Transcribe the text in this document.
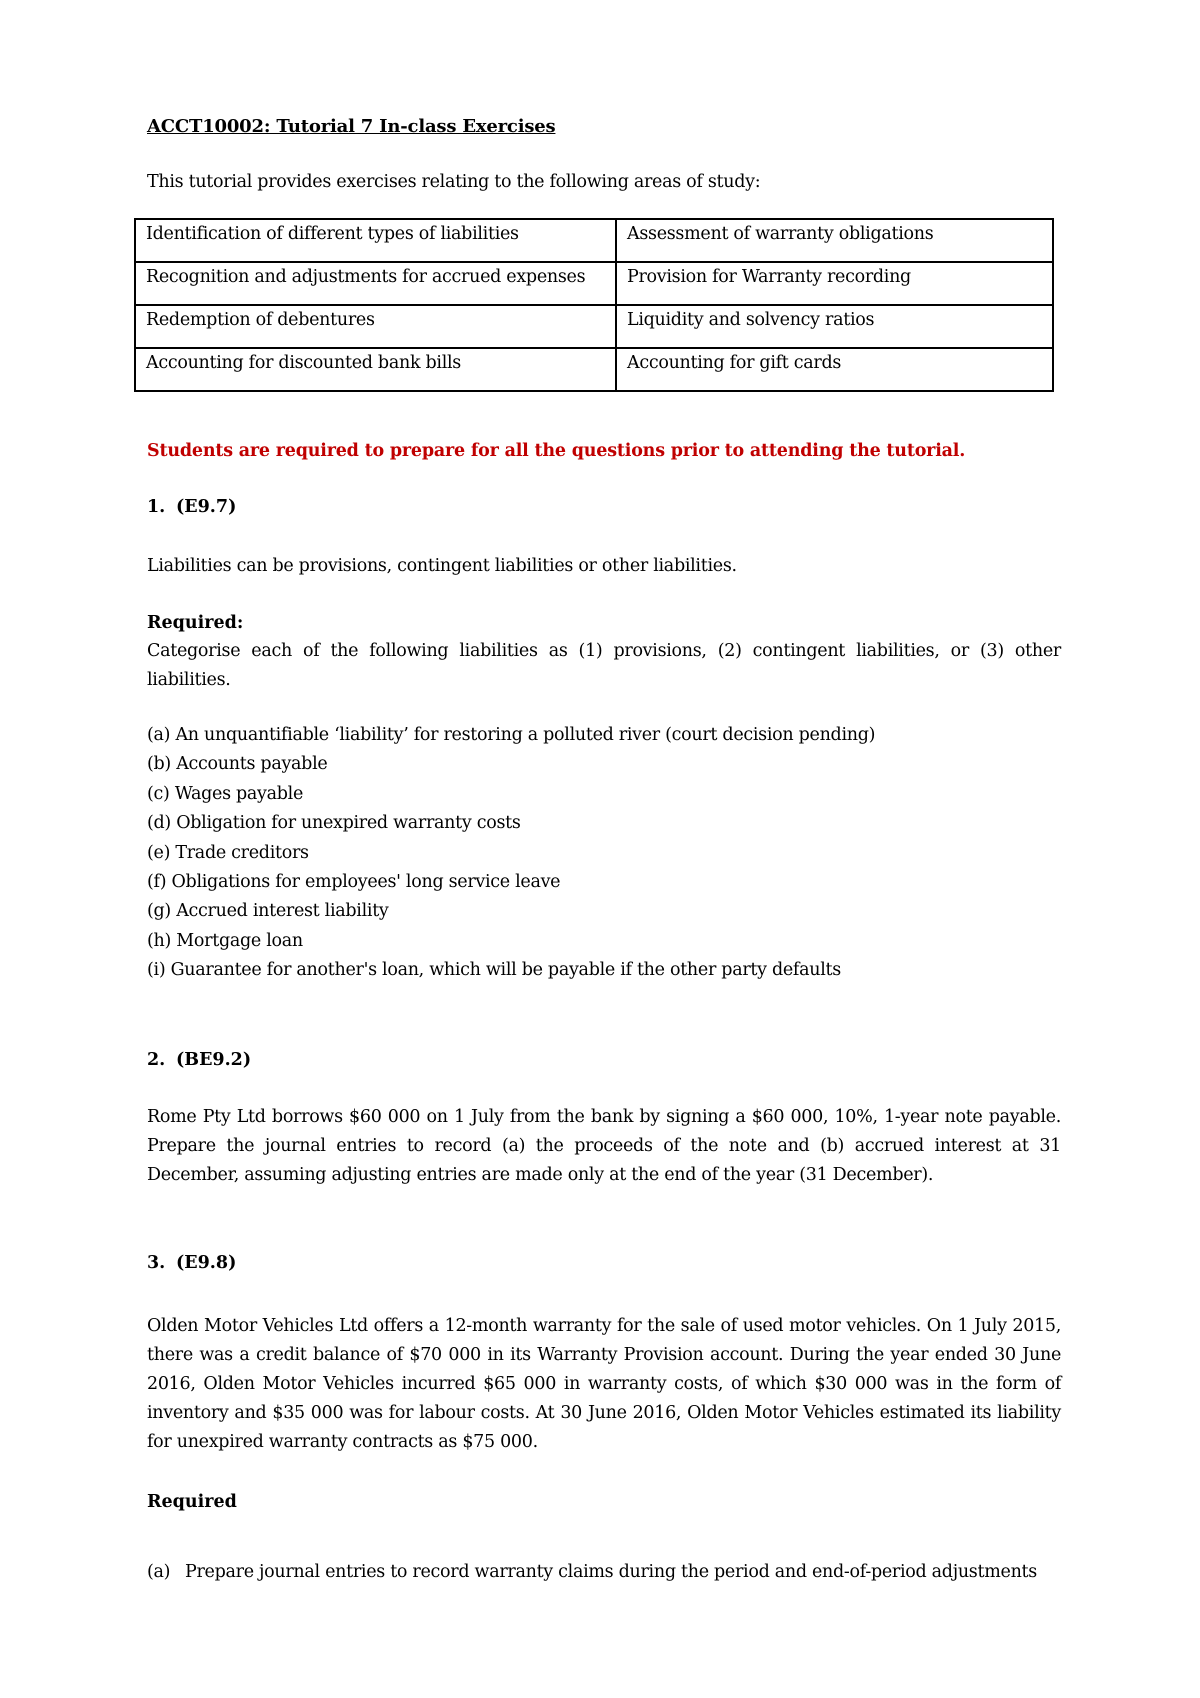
ACCT10002: Tutorial 7 In-class Exercises

This tutorial provides exercises relating to the following areas of study:

Identification of different types of liabilities	Assessment of warranty obligations
Recognition and adjustments for accrued expenses	Provision for Warranty recording
Redemption of debentures	Liquidity and solvency ratios
Accounting for discounted bank bills	Accounting for gift cards

Students are required to prepare for all the questions prior to attending the tutorial.

1. (E9.7)

Liabilities can be provisions, contingent liabilities or other liabilities.

Required:

Categorise each of the following liabilities as (1) provisions, (2) contingent liabilities, or (3) other liabilities.

(a) An unquantifiable ‘liability’ for restoring a polluted river (court decision pending)
(b) Accounts payable
(c) Wages payable
(d) Obligation for unexpired warranty costs
(e) Trade creditors
(f) Obligations for employees' long service leave
(g) Accrued interest liability
(h) Mortgage loan
(i) Guarantee for another's loan, which will be payable if the other party defaults

2. (BE9.2)

Rome Pty Ltd borrows $60 000 on 1 July from the bank by signing a $60 000, 10%, 1-year note payable. Prepare the journal entries to record (a) the proceeds of the note and (b) accrued interest at 31 December, assuming adjusting entries are made only at the end of the year (31 December).

3. (E9.8)

Olden Motor Vehicles Ltd offers a 12-month warranty for the sale of used motor vehicles. On 1 July 2015, there was a credit balance of $70 000 in its Warranty Provision account. During the year ended 30 June 2016, Olden Motor Vehicles incurred $65 000 in warranty costs, of which $30 000 was in the form of inventory and $35 000 was for labour costs. At 30 June 2016, Olden Motor Vehicles estimated its liability for unexpired warranty contracts as $75 000.

Required

(a) Prepare journal entries to record warranty claims during the period and end-of-period adjustments
